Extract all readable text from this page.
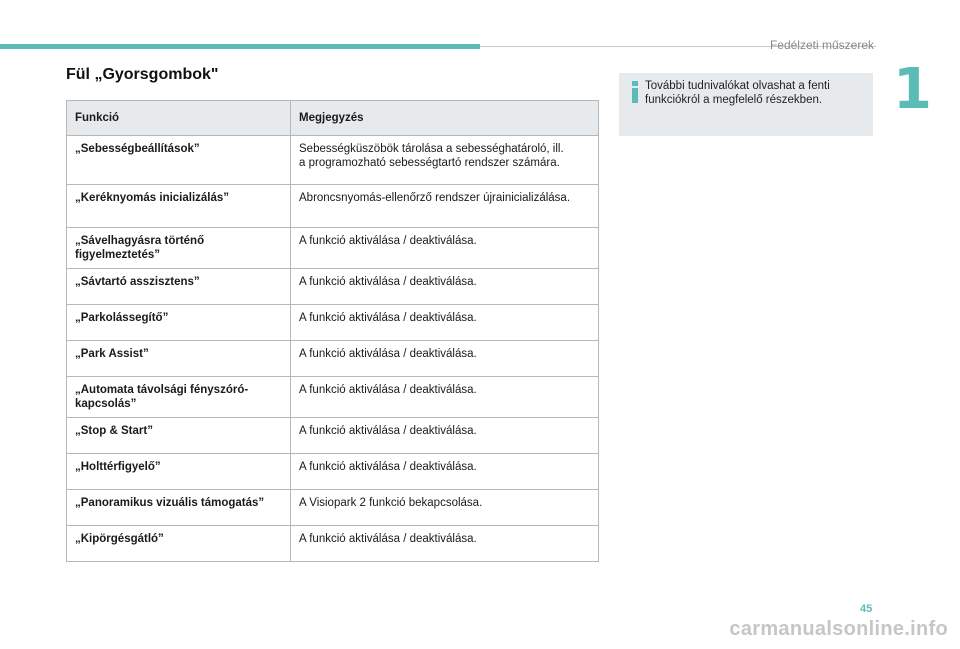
Fedélzeti műszerek
1
Fül „Gyorsgombok"
További tudnivalókat olvashat a fenti
funkciókról a megfelelő részekben.
Funkció	Megjegyzés
„Sebességbeállítások”	Sebességküszöbök tárolása a sebességhatároló, ill.
a programozható sebességtartó rendszer számára.
„Keréknyomás inicializálás”	Abroncsnyomás-ellenőrző rendszer újrainicializálása.
„Sávelhagyásra történő figyelmeztetés”	A funkció aktiválása / deaktiválása.
„Sávtartó asszisztens”	A funkció aktiválása / deaktiválása.
„Parkolássegítő”	A funkció aktiválása / deaktiválása.
„Park Assist”	A funkció aktiválása / deaktiválása.
„Automata távolsági fényszóró-kapcsolás”	A funkció aktiválása / deaktiválása.
„Stop & Start”	A funkció aktiválása / deaktiválása.
„Holttérfigyelő”	A funkció aktiválása / deaktiválása.
„Panoramikus vizuális támogatás”	A Visiopark 2 funkció bekapcsolása.
„Kipörgésgátló”	A funkció aktiválása / deaktiválása.
45
carmanualsonline.info
